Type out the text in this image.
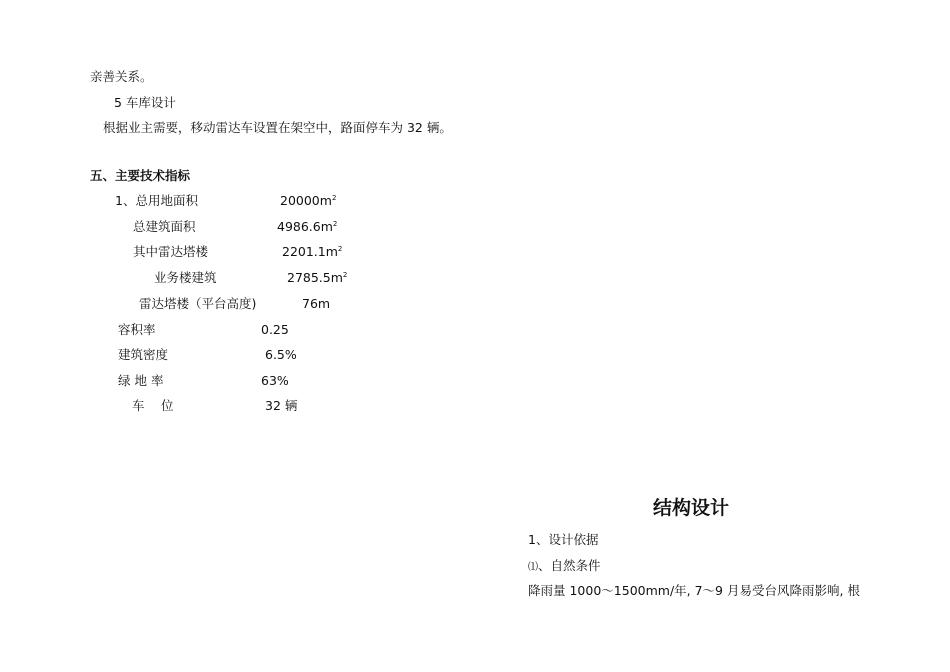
亲善关系。
5 车库设计
根据业主需要，移动雷达车设置在架空中，路面停车为 32 辆。
五、主要技术指标
1、总用地面积	$20000m^2$
总建筑面积	$4986.6m^2$
其中雷达塔楼	$2201.1m^2$
业务楼建筑	$2785.5m^2$
雷达塔楼（平台高度)	76m
容积率	0.25
建筑密度	6.5%
绿 地 率	63%
车　 位	32 辆
结构设计
1、设计依据
⑴、自然条件
降雨量 1000～1500mm/年, 7～9 月易受台风降雨影响, 根
